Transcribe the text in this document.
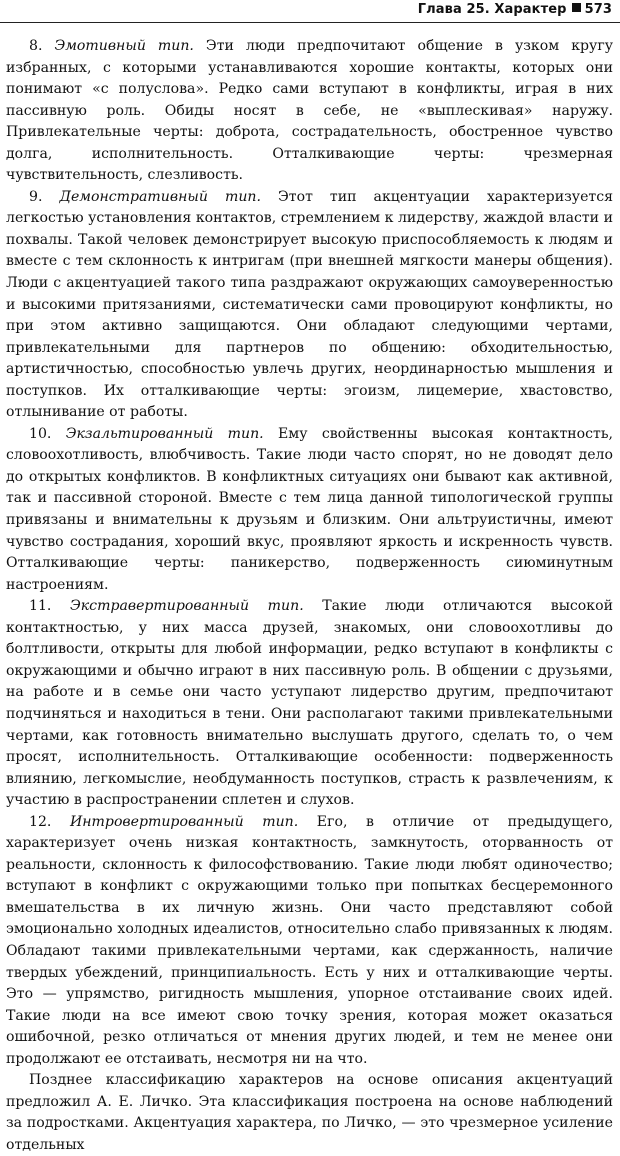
Глава 25. Характер 573

8. Эмотивный тип. Эти люди предпочитают общение в узком кругу избранных, с которыми устанавливаются хорошие контакты, которых они понимают «с полуслова». Редко сами вступают в конфликты, играя в них пассивную роль. Обиды носят в себе, не «выплескивая» наружу. Привлекательные черты: доброта, сострадательность, обостренное чувство долга, исполнительность. Отталкивающие черты: чрезмерная чувствительность, слезливость.

9. Демонстративный тип. Этот тип акцентуации характеризуется легкостью установления контактов, стремлением к лидерству, жаждой власти и похвалы. Такой человек демонстрирует высокую приспособляемость к людям и вместе с тем склонность к интригам (при внешней мягкости манеры общения). Люди с акцентуацией такого типа раздражают окружающих самоуверенностью и высокими притязаниями, систематически сами провоцируют конфликты, но при этом активно защищаются. Они обладают следующими чертами, привлекательными для партнеров по общению: обходительностью, артистичностью, способностью увлечь других, неординарностью мышления и поступков. Их отталкивающие черты: эгоизм, лицемерие, хвастовство, отлынивание от работы.

10. Экзальтированный тип. Ему свойственны высокая контактность, словоохотливость, влюбчивость. Такие люди часто спорят, но не доводят дело до открытых конфликтов. В конфликтных ситуациях они бывают как активной, так и пассивной стороной. Вместе с тем лица данной типологической группы привязаны и внимательны к друзьям и близким. Они альтруистичны, имеют чувство сострадания, хороший вкус, проявляют яркость и искренность чувств. Отталкивающие черты: паникерство, подверженность сиюминутным настроениям.

11. Экстравертированный тип. Такие люди отличаются высокой контактностью, у них масса друзей, знакомых, они словоохотливы до болтливости, открыты для любой информации, редко вступают в конфликты с окружающими и обычно играют в них пассивную роль. В общении с друзьями, на работе и в семье они часто уступают лидерство другим, предпочитают подчиняться и находиться в тени. Они располагают такими привлекательными чертами, как готовность внимательно выслушать другого, сделать то, о чем просят, исполнительность. Отталкивающие особенности: подверженность влиянию, легкомыслие, необдуманность поступков, страсть к развлечениям, к участию в распространении сплетен и слухов.

12. Интровертированный тип. Его, в отличие от предыдущего, характеризует очень низкая контактность, замкнутость, оторванность от реальности, склонность к философствованию. Такие люди любят одиночество; вступают в конфликт с окружающими только при попытках бесцеремонного вмешательства в их личную жизнь. Они часто представляют собой эмоционально холодных идеалистов, относительно слабо привязанных к людям. Обладают такими привлекательными чертами, как сдержанность, наличие твердых убеждений, принципиальность. Есть у них и отталкивающие черты. Это — упрямство, ригидность мышления, упорное отстаивание своих идей. Такие люди на все имеют свою точку зрения, которая может оказаться ошибочной, резко отличаться от мнения других людей, и тем не менее они продолжают ее отстаивать, несмотря ни на что.

Позднее классификацию характеров на основе описания акцентуаций предложил А. Е. Личко. Эта классификация построена на основе наблюдений за подростками. Акцентуация характера, по Личко, — это чрезмерное усиление отдельных
